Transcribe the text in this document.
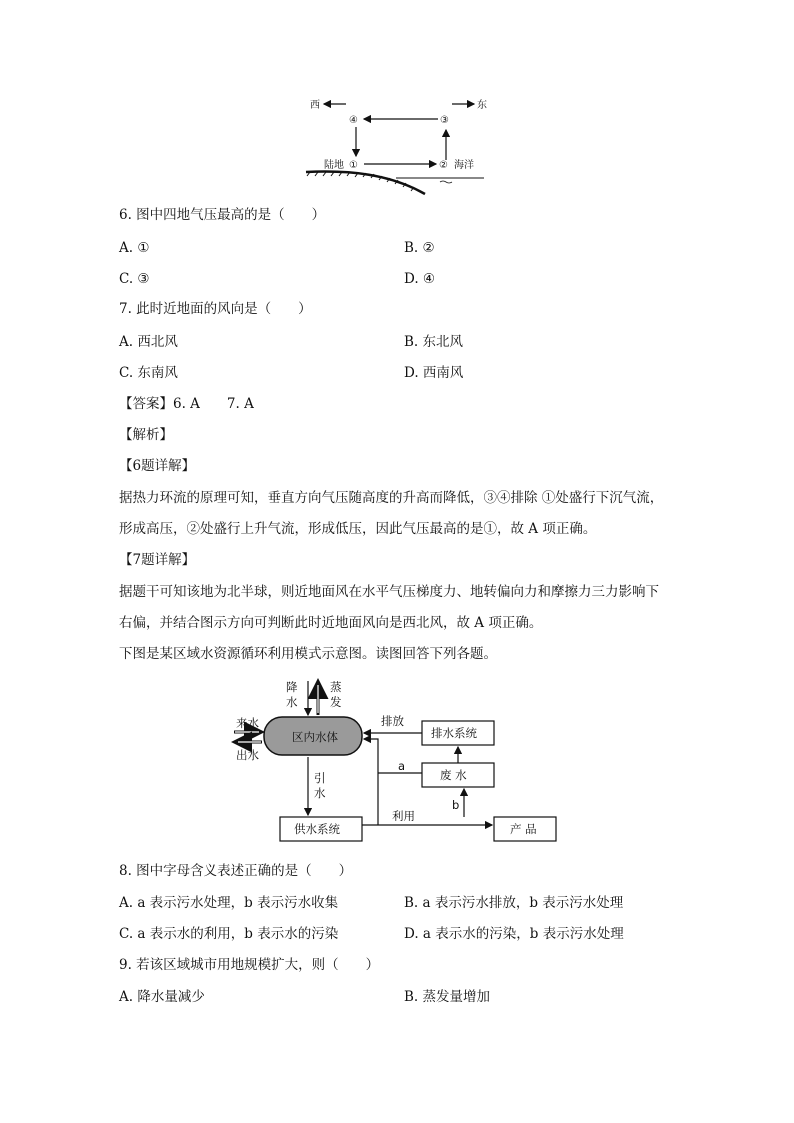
西	东
④	③
陆地 ①	② 海洋
6. 图中四地气压最高的是（　　）
A. ①	B. ②
C. ③	D. ④
7. 此时近地面的风向是（　　）
A. 西北风	B. 东北风
C. 东南风	D. 西南风
【答案】6. A　　7. A
【解析】
【6题详解】
据热力环流的原理可知，垂直方向气压随高度的升高而降低，③④排除 ①处盛行下沉气流，
形成高压，②处盛行上升气流，形成低压，因此气压最高的是①，故 A 项正确。
【7题详解】
据题干可知该地为北半球，则近地面风在水平气压梯度力、地转偏向力和摩擦力三力影响下
右偏，并结合图示方向可判断此时近地面风向是西北风，故 A 项正确。
下图是某区域水资源循环利用模式示意图。读图回答下列各题。
降
水
蒸
发
来水
出水
区内水体	排水系统
排放
废 水
a
引
水
供水系统
利用
产 品
b
8. 图中字母含义表述正确的是（　　）
A. a 表示污水处理，b 表示污水收集	B. a 表示污水排放，b 表示污水处理
C. a 表示水的利用，b 表示水的污染	D. a 表示水的污染，b 表示污水处理
9. 若该区域城市用地规模扩大，则（　　）
A. 降水量减少	B. 蒸发量增加
